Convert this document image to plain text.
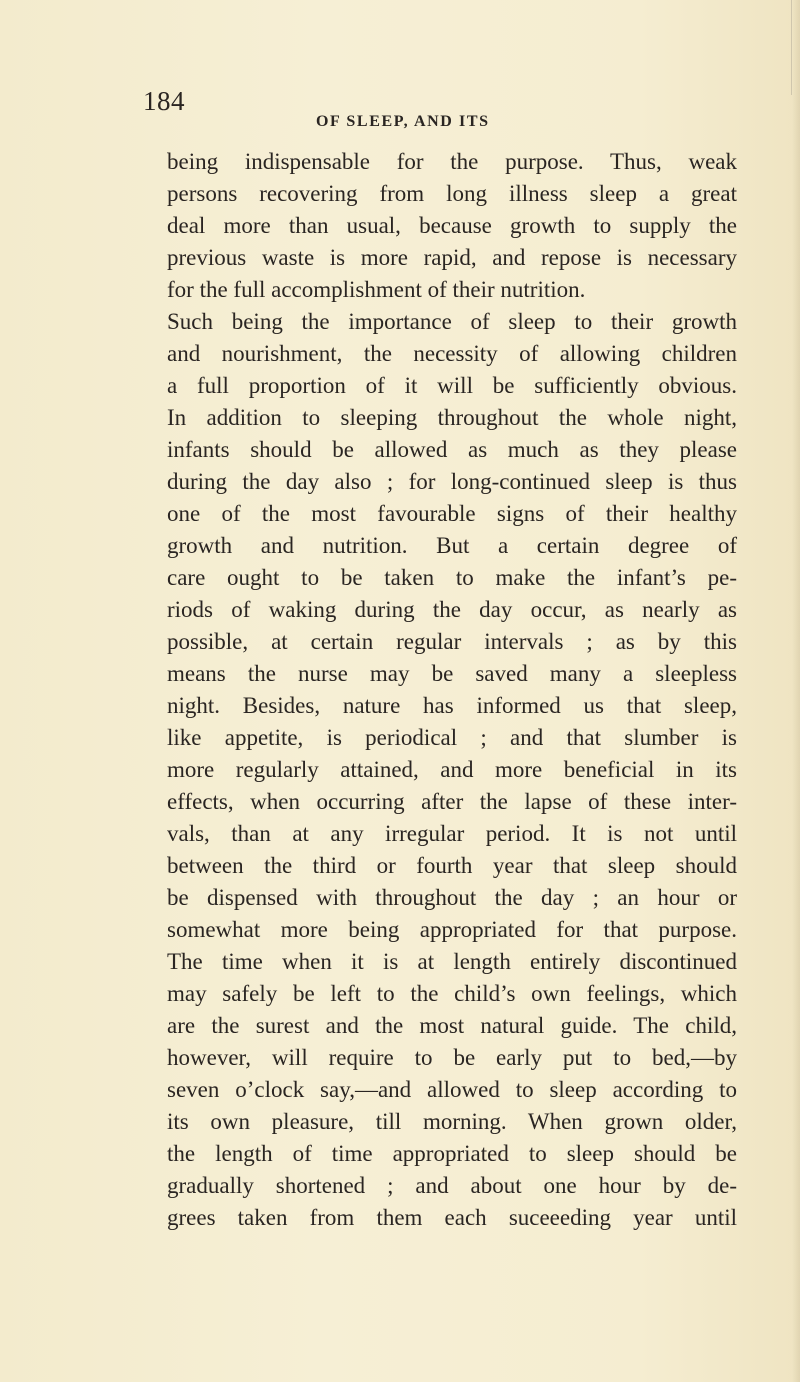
184

OF SLEEP, AND ITS

being indispensable for the purpose. Thus, weak
persons recovering from long illness sleep a great
deal more than usual, because growth to supply the
previous waste is more rapid, and repose is necessary
for the full accomplishment of their nutrition.
Such being the importance of sleep to their growth
and nourishment, the necessity of allowing children
a full proportion of it will be sufficiently obvious.
In addition to sleeping throughout the whole night,
infants should be allowed as much as they please
during the day also ; for long-continued sleep is thus
one of the most favourable signs of their healthy
growth and nutrition. But a certain degree of
care ought to be taken to make the infant’s pe-
riods of waking during the day occur, as nearly as
possible, at certain regular intervals ; as by this
means the nurse may be saved many a sleepless
night. Besides, nature has informed us that sleep,
like appetite, is periodical ; and that slumber is
more regularly attained, and more beneficial in its
effects, when occurring after the lapse of these inter-
vals, than at any irregular period. It is not until
between the third or fourth year that sleep should
be dispensed with throughout the day ; an hour or
somewhat more being appropriated for that purpose.
The time when it is at length entirely discontinued
may safely be left to the child’s own feelings, which
are the surest and the most natural guide. The child,
however, will require to be early put to bed,—by
seven o’clock say,—and allowed to sleep according to
its own pleasure, till morning. When grown older,
the length of time appropriated to sleep should be
gradually shortened ; and about one hour by de-
grees taken from them each suceeeding year until
